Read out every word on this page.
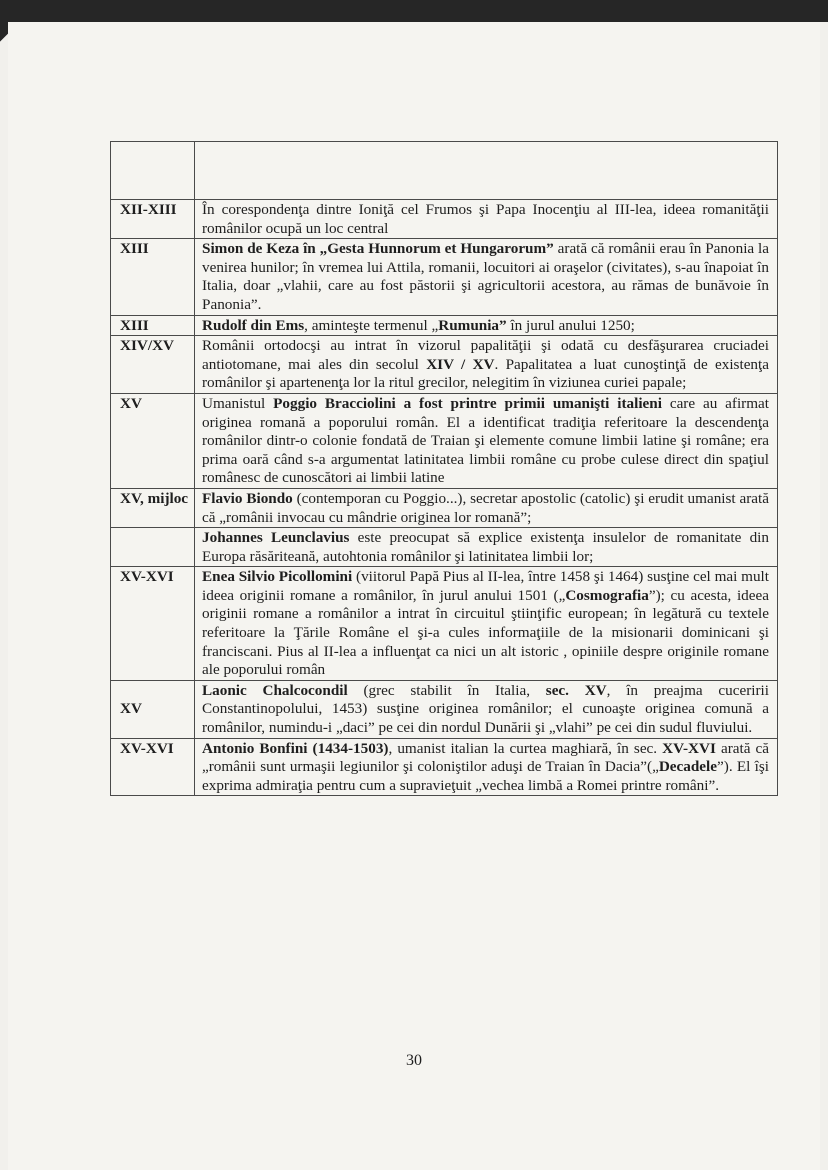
XII-XIII	În corespondenţa dintre Ioniţă cel Frumos şi Papa Inocenţiu al III-lea, ideea romanităţii românilor ocupă un loc central
XIII	Simon de Keza în „Gesta Hunnorum et Hungarorum” arată că românii erau în Panonia la venirea hunilor; în vremea lui Attila, romanii, locuitori ai oraşelor (civitates), s-au înapoiat în Italia, doar „vlahii, care au fost păstorii şi agricultorii acestora, au rămas de bunăvoie în Panonia”.
XIII	Rudolf din Ems, aminteşte termenul „Rumunia” în jurul anului 1250;
XIV/XV	Românii ortodocşi au intrat în vizorul papalităţii şi odată cu desfăşurarea cruciadei antiotomane, mai ales din secolul XIV / XV. Papalitatea a luat cunoştinţă de existenţa românilor şi apartenenţa lor la ritul grecilor, nelegitim în viziunea curiei papale;
XV	Umanistul Poggio Bracciolini a fost printre primii umanişti italieni care au afirmat originea romană a poporului român. El a identificat tradiţia referitoare la descendenţa românilor dintr-o colonie fondată de Traian şi elemente comune limbii latine şi române; era prima oară când s-a argumentat latinitatea limbii române cu probe culese direct din spaţiul românesc de cunoscători ai limbii latine
XV, mijloc	Flavio Biondo (contemporan cu Poggio...), secretar apostolic (catolic) şi erudit umanist arată că „românii invocau cu mândrie originea lor romană”;
	Johannes Leunclavius este preocupat să explice existenţa insulelor de romanitate din Europa răsăriteană, autohtonia românilor şi latinitatea limbii lor;
XV-XVI	Enea Silvio Picollomini (viitorul Papă Pius al II-lea, între 1458 şi 1464) susţine cel mai mult ideea originii romane a românilor, în jurul anului 1501 („Cosmografia”); cu acesta, ideea originii romane a românilor a intrat în circuitul ştiinţific european; în legătură cu textele referitoare la Ţările Române el şi-a cules informaţiile de la misionarii dominicani şi franciscani. Pius al II-lea a influenţat ca nici un alt istoric , opiniile despre originile romane ale poporului român
XV	Laonic Chalcocondil (grec stabilit în Italia, sec. XV, în preajma cuceririi Constantinopolului, 1453) susţine originea românilor; el cunoaşte originea comună a românilor, numindu-i „daci” pe cei din nordul Dunării şi „vlahi” pe cei din sudul fluviului.
XV-XVI	Antonio Bonfini (1434-1503), umanist italian la curtea maghiară, în sec. XV-XVI arată că „românii sunt urmaşii legiunilor şi coloniştilor aduşi de Traian în Dacia”(„Decadele”). El îşi exprima admiraţia pentru cum a supravieţuit „vechea limbă a Romei printre români”.
30
